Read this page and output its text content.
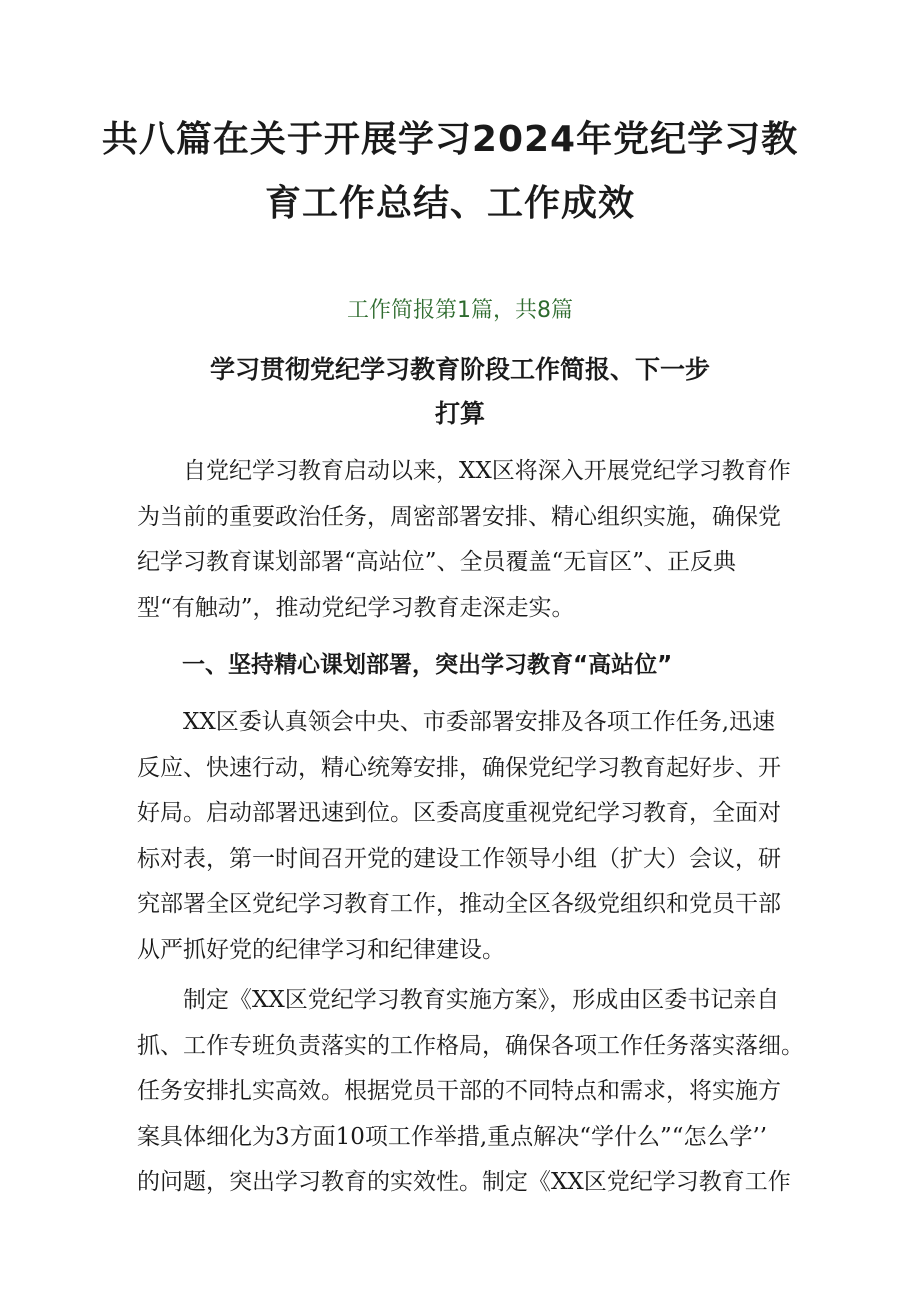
共八篇在关于开展学习2024年党纪学习教
育工作总结、工作成效

工作简报第1篇，共8篇

学习贯彻党纪学习教育阶段工作简报、下一步
打算
自党纪学习教育启动以来，XX区将深入开展党纪学习教育作
为当前的重要政治任务，周密部署安排、精心组织实施，确保党
纪学习教育谋划部署“高站位”、全员覆盖“无盲区”、正反典
型“有触动”，推动党纪学习教育走深走实。
一、坚持精心课划部署，突出学习教育“高站位”
XX区委认真领会中央、市委部署安排及各项工作任务,迅速
反应、快速行动，精心统筹安排，确保党纪学习教育起好步、开
好局。启动部署迅速到位。区委高度重视党纪学习教育，全面对
标对表，第一时间召开党的建设工作领导小组（扩大）会议，研
究部署全区党纪学习教育工作，推动全区各级党组织和党员干部
从严抓好党的纪律学习和纪律建设。
制定《XX区党纪学习教育实施方案》，形成由区委书记亲自
抓、工作专班负责落实的工作格局，确保各项工作任务落实落细。
任务安排扎实高效。根据党员干部的不同特点和需求，将实施方
案具体细化为3方面10项工作举措,重点解决“学什么”“怎么学’’
的问题，突出学习教育的实效性。制定《XX区党纪学习教育工作
